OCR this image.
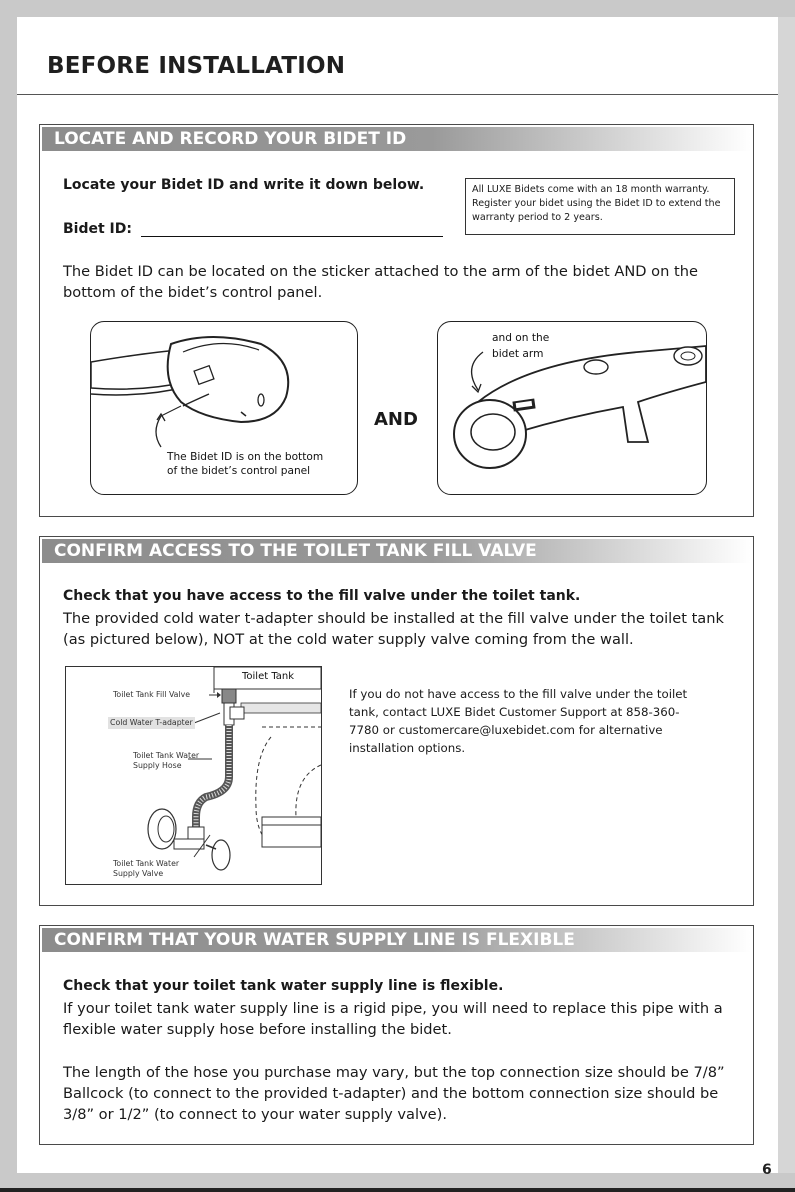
BEFORE INSTALLATION
LOCATE AND RECORD YOUR BIDET ID
Locate your Bidet ID and write it down below.
Bidet ID:
All LUXE Bidets come with an 18 month warranty. Register your bidet using the Bidet ID to extend the warranty period to 2 years.
The Bidet ID can be located on the sticker attached to the arm of the bidet AND on the bottom of the bidet’s control panel.
The Bidet ID is on the bottom
of the bidet’s control panel
AND
and on the
bidet arm
CONFIRM ACCESS TO THE TOILET TANK FILL VALVE
Check that you have access to the fill valve under the toilet tank.
The provided cold water t-adapter should be installed at the fill valve under the toilet tank (as pictured below), NOT at the cold water supply valve coming from the wall.
Toilet Tank
Toilet Tank Fill Valve
Cold Water T-adapter
Toilet Tank Water
Supply Hose
Toilet Tank Water
Supply Valve
If you do not have access to the fill valve under the toilet tank, contact LUXE Bidet Customer Support at 858-360-7780 or customercare@luxebidet.com for alternative installation options.
CONFIRM THAT YOUR WATER SUPPLY LINE IS FLEXIBLE
Check that your toilet tank water supply line is flexible.
If your toilet tank water supply line is a rigid pipe, you will need to replace this pipe with a flexible water supply hose before installing the bidet.
The length of the hose you purchase may vary, but the top connection size should be 7/8” Ballcock (to connect to the provided t-adapter) and the bottom connection size should be 3/8” or 1/2” (to connect to your water supply valve).
6
